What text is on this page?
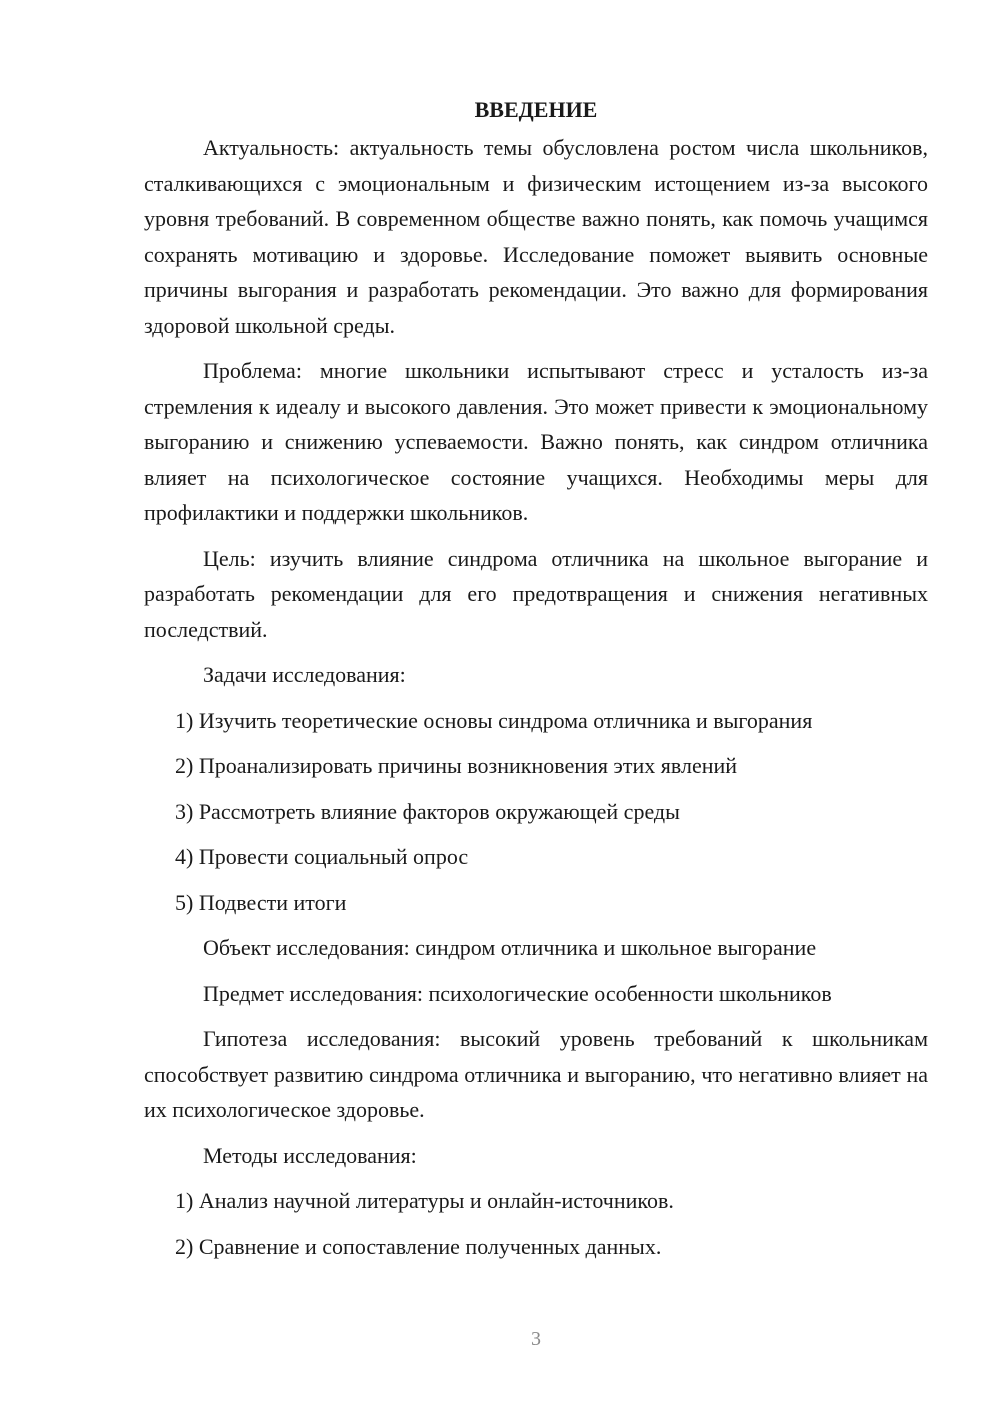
ВВЕДЕНИЕ

Актуальность: актуальность темы обусловлена ростом числа школьников, сталкивающихся с эмоциональным и физическим истощением из-за высокого уровня требований. В современном обществе важно понять, как помочь учащимся сохранять мотивацию и здоровье. Исследование поможет выявить основные причины выгорания и разработать рекомендации. Это важно для формирования здоровой школьной среды.

Проблема: многие школьники испытывают стресс и усталость из-за стремления к идеалу и высокого давления. Это может привести к эмоциональному выгоранию и снижению успеваемости. Важно понять, как синдром отличника влияет на психологическое состояние учащихся. Необходимы меры для профилактики и поддержки школьников.

Цель: изучить влияние синдрома отличника на школьное выгорание и разработать рекомендации для его предотвращения и снижения негативных последствий.

Задачи исследования:

1) Изучить теоретические основы синдрома отличника и выгорания
2) Проанализировать причины возникновения этих явлений
3) Рассмотреть влияние факторов окружающей среды
4) Провести социальный опрос
5) Подвести итоги

Объект исследования: синдром отличника и школьное выгорание

Предмет исследования: психологические особенности школьников

Гипотеза исследования: высокий уровень требований к школьникам способствует развитию синдрома отличника и выгоранию, что негативно влияет на их психологическое здоровье.

Методы исследования:

1) Анализ научной литературы и онлайн-источников.
2) Сравнение и сопоставление полученных данных.
3
